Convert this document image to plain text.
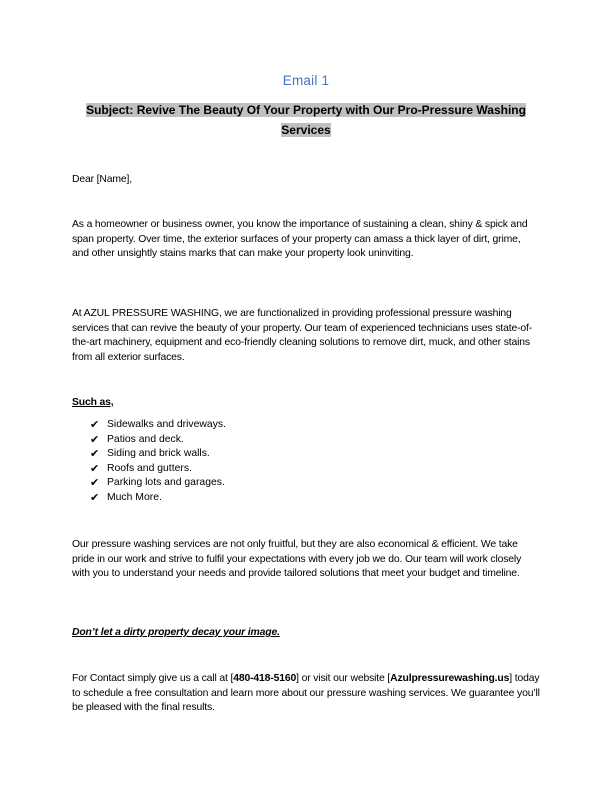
Email 1
Subject: Revive The Beauty Of Your Property with Our Pro-Pressure Washing
Services
Dear [Name],
As a homeowner or business owner, you know the importance of sustaining a clean, shiny & spick and span property. Over time, the exterior surfaces of your property can amass a thick layer of dirt, grime, and other unsightly stains marks that can make your property look uninviting.
At AZUL PRESSURE WASHING, we are functionalized in providing professional pressure washing services that can revive the beauty of your property. Our team of experienced technicians uses state-of-the-art machinery, equipment and eco-friendly cleaning solutions to remove dirt, muck, and other stains from all exterior surfaces.
Such as,
✔ Sidewalks and driveways.
✔ Patios and deck.
✔ Siding and brick walls.
✔ Roofs and gutters.
✔ Parking lots and garages.
✔ Much More.
Our pressure washing services are not only fruitful, but they are also economical & efficient. We take pride in our work and strive to fulfil your expectations with every job we do. Our team will work closely with you to understand your needs and provide tailored solutions that meet your budget and timeline.
Don’t let a dirty property decay your image.
For Contact simply give us a call at [480-418-5160] or visit our website [Azulpressurewashing.us] today to schedule a free consultation and learn more about our pressure washing services. We guarantee you’ll be pleased with the final results.
